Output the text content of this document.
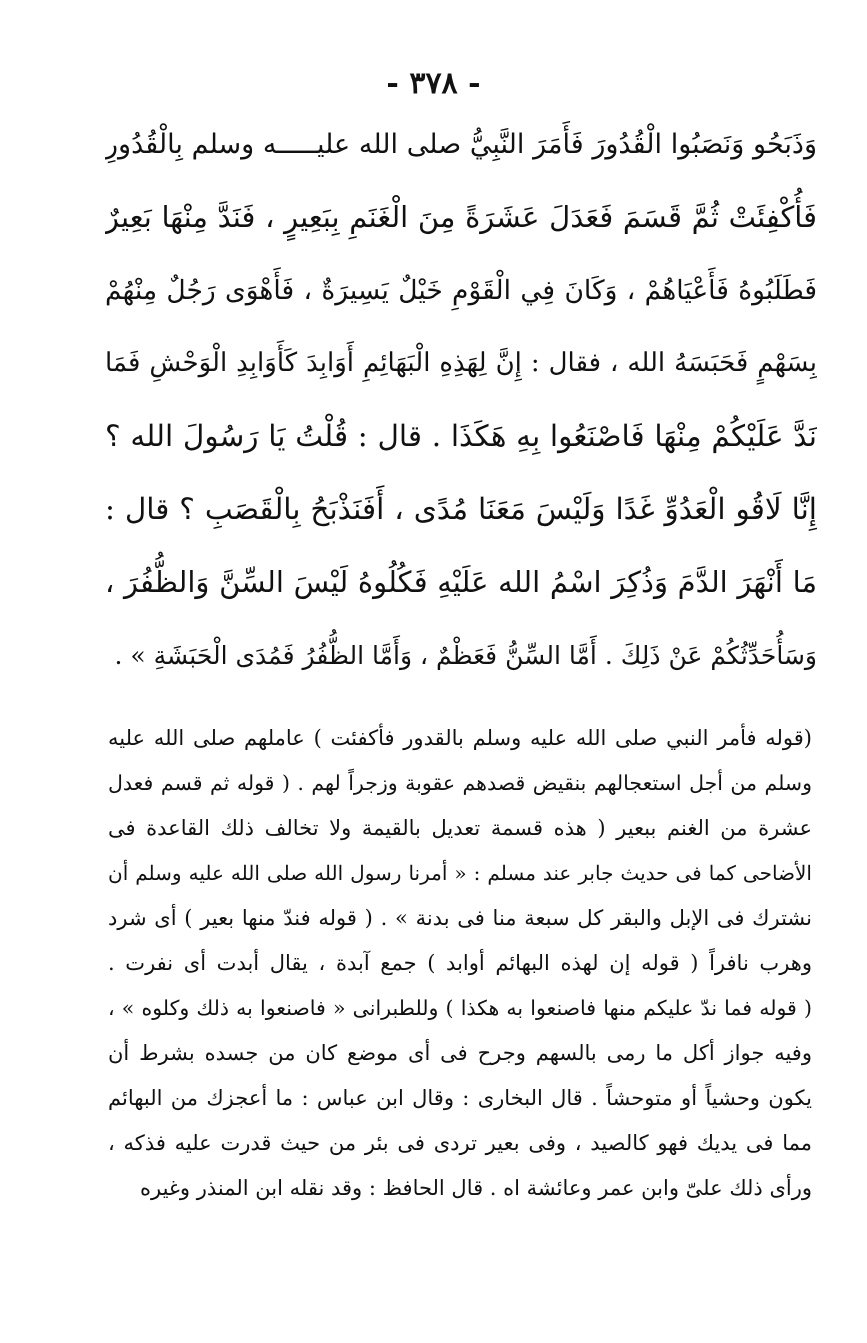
- ٣٧٨ -
وَذَبَحُو وَنَصَبُوا الْقُدُورَ فَأَمَرَ النَّبِيُّ صلى الله عليـــــه وسلم بِالْقُدُورِ
فَأُكْفِئَتْ ثُمَّ قَسَمَ فَعَدَلَ عَشَرَةً مِنَ الْغَنَمِ بِبَعِيرٍ ، فَنَدَّ مِنْهَا بَعِيرٌ
فَطَلَبُوهُ فَأَعْيَاهُمْ ، وَكَانَ فِي الْقَوْمِ خَيْلٌ يَسِيرَةٌ ، فَأَهْوَى رَجُلٌ مِنْهُمْ
بِسَهْمٍ فَحَبَسَهُ الله ، فقال : إِنَّ لِهَذِهِ الْبَهَائِمِ أَوَابِدَ كَأَوَابِدِ الْوَحْشِ فَمَا
نَدَّ عَلَيْكُمْ مِنْهَا فَاصْنَعُوا بِهِ هَكَذَا . قال : قُلْتُ يَا رَسُولَ الله ؟
إِنَّا لَاقُو الْعَدُوِّ غَدًا وَلَيْسَ مَعَنَا مُدًى ، أَفَنَذْبَحُ بِالْقَصَبِ ؟ قال :
مَا أَنْهَرَ الدَّمَ وَذُكِرَ اسْمُ الله عَلَيْهِ فَكُلُوهُ لَيْسَ السِّنَّ وَالظُّفُرَ ،
وَسَأُحَدِّثُكُمْ عَنْ ذَلِكَ . أَمَّا السِّنُّ فَعَظْمٌ ، وَأَمَّا الظُّفُرُ فَمُدَى الْحَبَشَةِ » .
(قوله فأمر النبي صلى الله عليه وسلم بالقدور فأكفئت ) عاملهم صلى الله عليه
وسلم من أجل استعجالهم بنقيض قصدهم عقوبة وزجراً لهم . ( قوله ثم قسم فعدل
عشرة من الغنم ببعير ( هذه قسمة تعديل بالقيمة ولا تخالف ذلك القاعدة فى
الأضاحى كما فى حديث جابر عند مسلم : « أمرنا رسول الله صلى الله عليه وسلم أن
نشترك فى الإبل والبقر كل سبعة منا فى بدنة » . ( قوله فندّ منها بعير ) أى شرد
وهرب نافراً ( قوله إن لهذه البهائم أوابد ) جمع آبدة ، يقال أبدت أى نفرت .
( قوله فما ندّ عليكم منها فاصنعوا به هكذا ) وللطبرانى « فاصنعوا به ذلك وكلوه » ،
وفيه جواز أكل ما رمى بالسهم وجرح فى أى موضع كان من جسده بشرط أن
يكون وحشياً أو متوحشاً . قال البخارى : وقال ابن عباس : ما أعجزك من البهائم
مما فى يديك فهو كالصيد ، وفى بعير تردى فى بئر من حيث قدرت عليه فذكه ،
ورأى ذلك علىّ وابن عمر وعائشة اه . قال الحافظ : وقد نقله ابن المنذر وغيره
